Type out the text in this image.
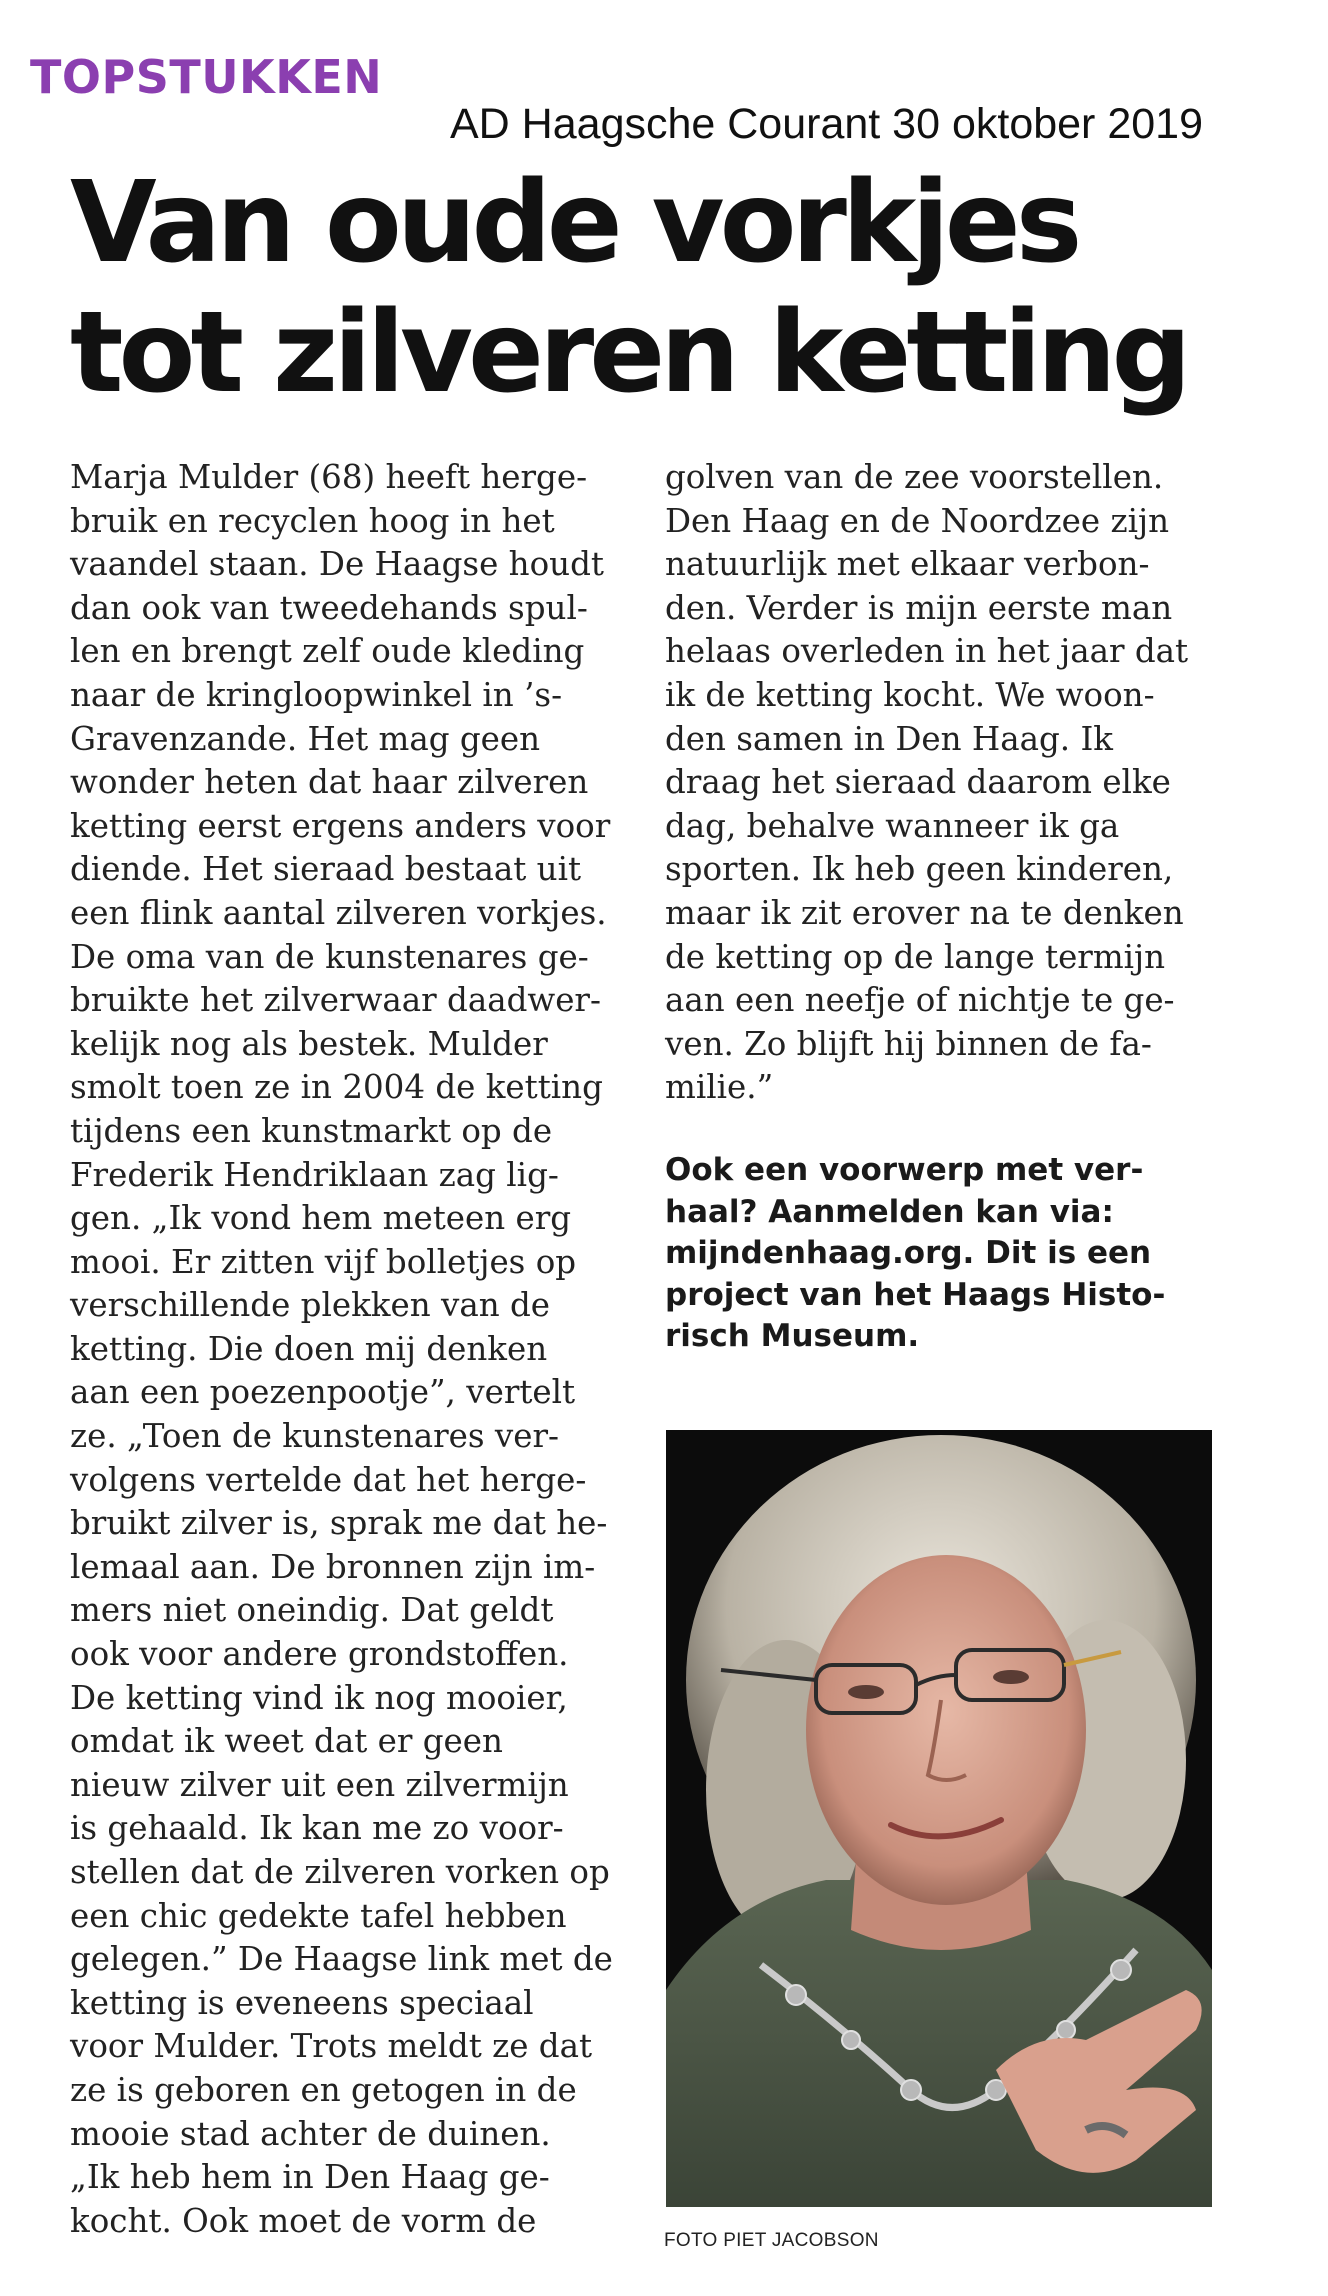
TOPSTUKKEN
AD Haagsche Courant 30 oktober 2019
Van oude vorkjes
tot zilveren ketting
Marja Mulder (68) heeft herge-
bruik en recyclen hoog in het
vaandel staan. De Haagse houdt
dan ook van tweedehands spul-
len en brengt zelf oude kleding
naar de kringloopwinkel in ’s-
Gravenzande. Het mag geen
wonder heten dat haar zilveren
ketting eerst ergens anders voor
diende. Het sieraad bestaat uit
een flink aantal zilveren vorkjes.
De oma van de kunstenares ge-
bruikte het zilverwaar daadwer-
kelijk nog als bestek. Mulder
smolt toen ze in 2004 de ketting
tijdens een kunstmarkt op de
Frederik Hendriklaan zag lig-
gen. „Ik vond hem meteen erg
mooi. Er zitten vijf bolletjes op
verschillende plekken van de
ketting. Die doen mij denken
aan een poezenpootje”, vertelt
ze. „Toen de kunstenares ver-
volgens vertelde dat het herge-
bruikt zilver is, sprak me dat he-
lemaal aan. De bronnen zijn im-
mers niet oneindig. Dat geldt
ook voor andere grondstoffen.
De ketting vind ik nog mooier,
omdat ik weet dat er geen
nieuw zilver uit een zilvermijn
is gehaald. Ik kan me zo voor-
stellen dat de zilveren vorken op
een chic gedekte tafel hebben
gelegen.” De Haagse link met de
ketting is eveneens speciaal
voor Mulder. Trots meldt ze dat
ze is geboren en getogen in de
mooie stad achter de duinen.
„Ik heb hem in Den Haag ge-
kocht. Ook moet de vorm de
golven van de zee voorstellen.
Den Haag en de Noordzee zijn
natuurlijk met elkaar verbon-
den. Verder is mijn eerste man
helaas overleden in het jaar dat
ik de ketting kocht. We woon-
den samen in Den Haag. Ik
draag het sieraad daarom elke
dag, behalve wanneer ik ga
sporten. Ik heb geen kinderen,
maar ik zit erover na te denken
de ketting op de lange termijn
aan een neefje of nichtje te ge-
ven. Zo blijft hij binnen de fa-
milie.”
Ook een voorwerp met ver-
haal? Aanmelden kan via:
mijndenhaag.org. Dit is een
project van het Haags Histo-
risch Museum.
FOTO PIET JACOBSON
